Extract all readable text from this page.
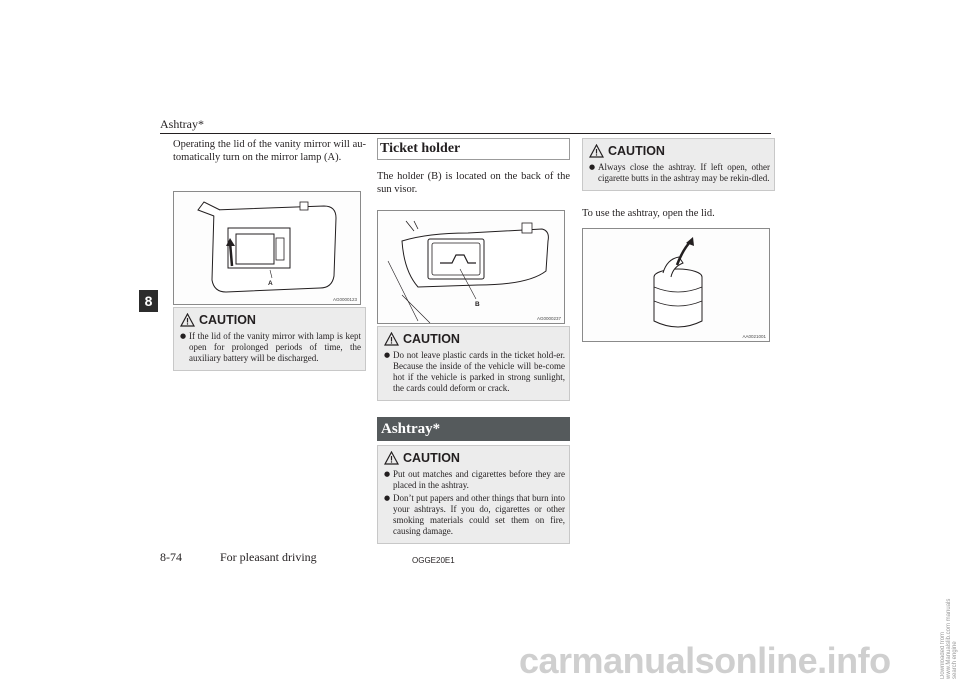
Ashtray*
8

Operating the lid of the vanity mirror will au-tomatically turn on the mirror lamp (A).

A
AG0000123
CAUTION
● If the lid of the vanity mirror with lamp is kept open for prolonged periods of time, the auxiliary battery will be discharged.
Ticket holder

The holder (B) is located on the back of the sun visor.

B
AG0000237
CAUTION
● Do not leave plastic cards in the ticket hold-er. Because the inside of the vehicle will be-come hot if the vehicle is parked in strong sunlight, the cards could deform or crack.
Ashtray*
CAUTION
● Put out matches and cigarettes before they are placed in the ashtray.
● Don’t put papers and other things that burn into your ashtrays. If you do, cigarettes or other smoking materials could set them on fire, causing damage.
CAUTION
● Always close the ashtray. If left open, other cigarette butts in the ashtray may be rekin-dled.

To use the ashtray, open the lid.

AA0021001
8-74	For pleasant driving	OGGE20E1
Downloaded from www.Manualslib.com manuals search engine
carmanualsonline.info
